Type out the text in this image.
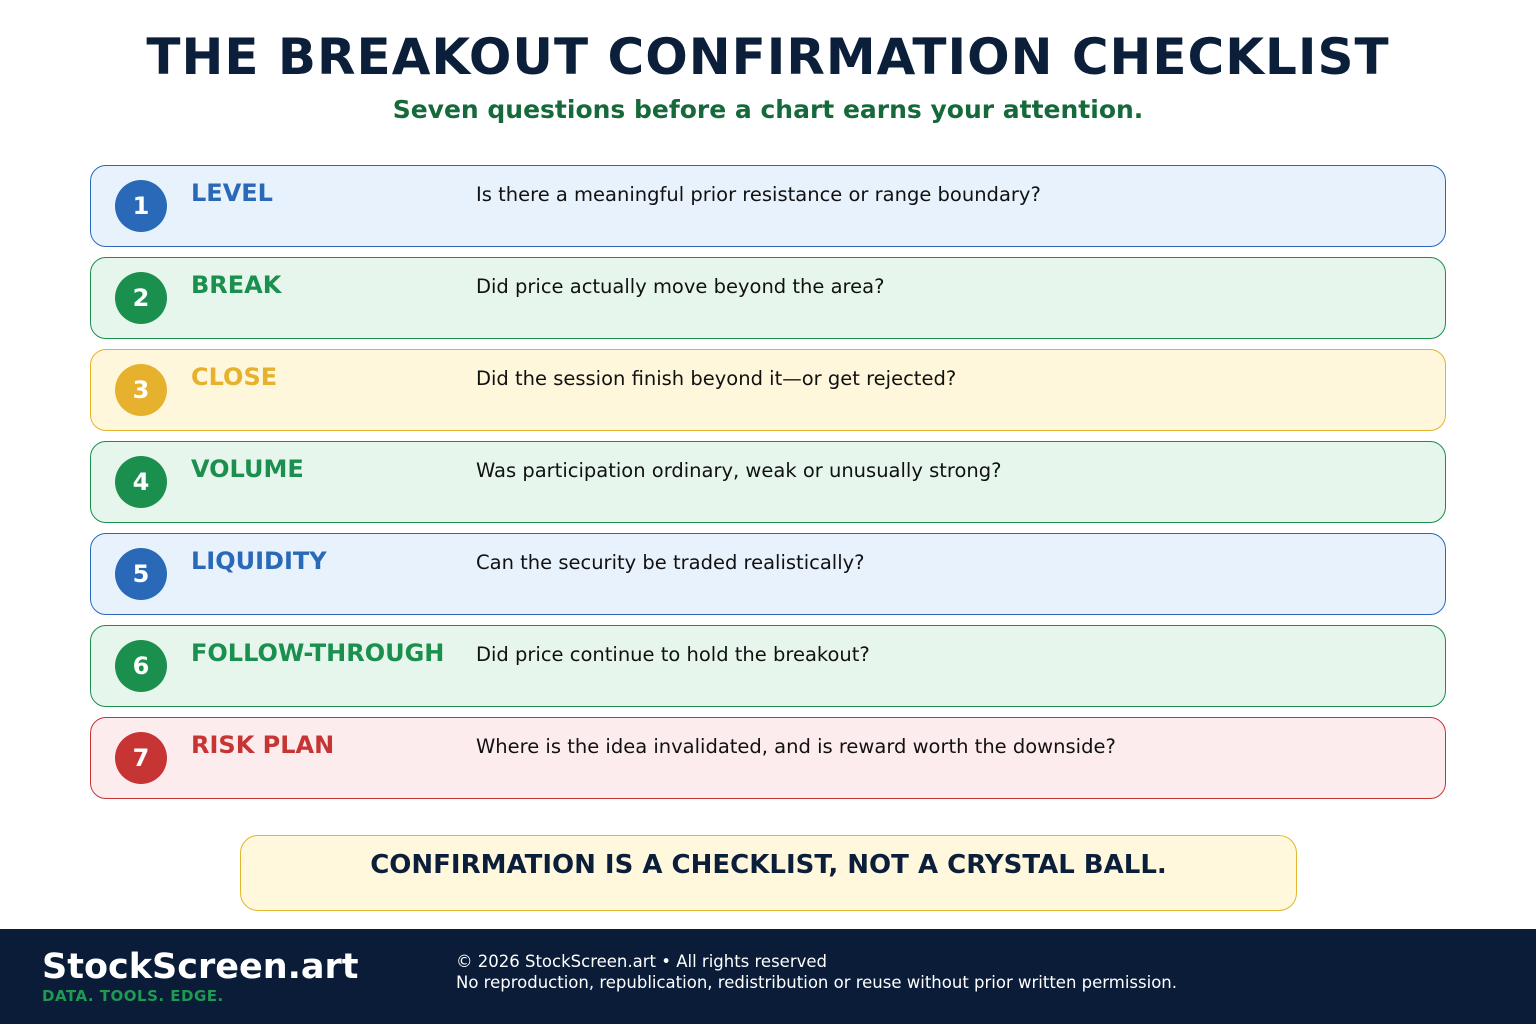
THE BREAKOUT CONFIRMATION CHECKLIST
Seven questions before a chart earns your attention.
1	LEVEL	Is there a meaningful prior resistance or range boundary?
2	BREAK	Did price actually move beyond the area?
3	CLOSE	Did the session finish beyond it—or get rejected?
4	VOLUME	Was participation ordinary, weak or unusually strong?
5	LIQUIDITY	Can the security be traded realistically?
6	FOLLOW-THROUGH Did price continue to hold the breakout?
7	RISK PLAN	Where is the idea invalidated, and is reward worth the downside?
CONFIRMATION IS A CHECKLIST, NOT A CRYSTAL BALL.
StockScreen.art
DATA. TOOLS. EDGE.
© 2026 StockScreen.art • All rights reserved
No reproduction, republication, redistribution or reuse without prior written permission.
